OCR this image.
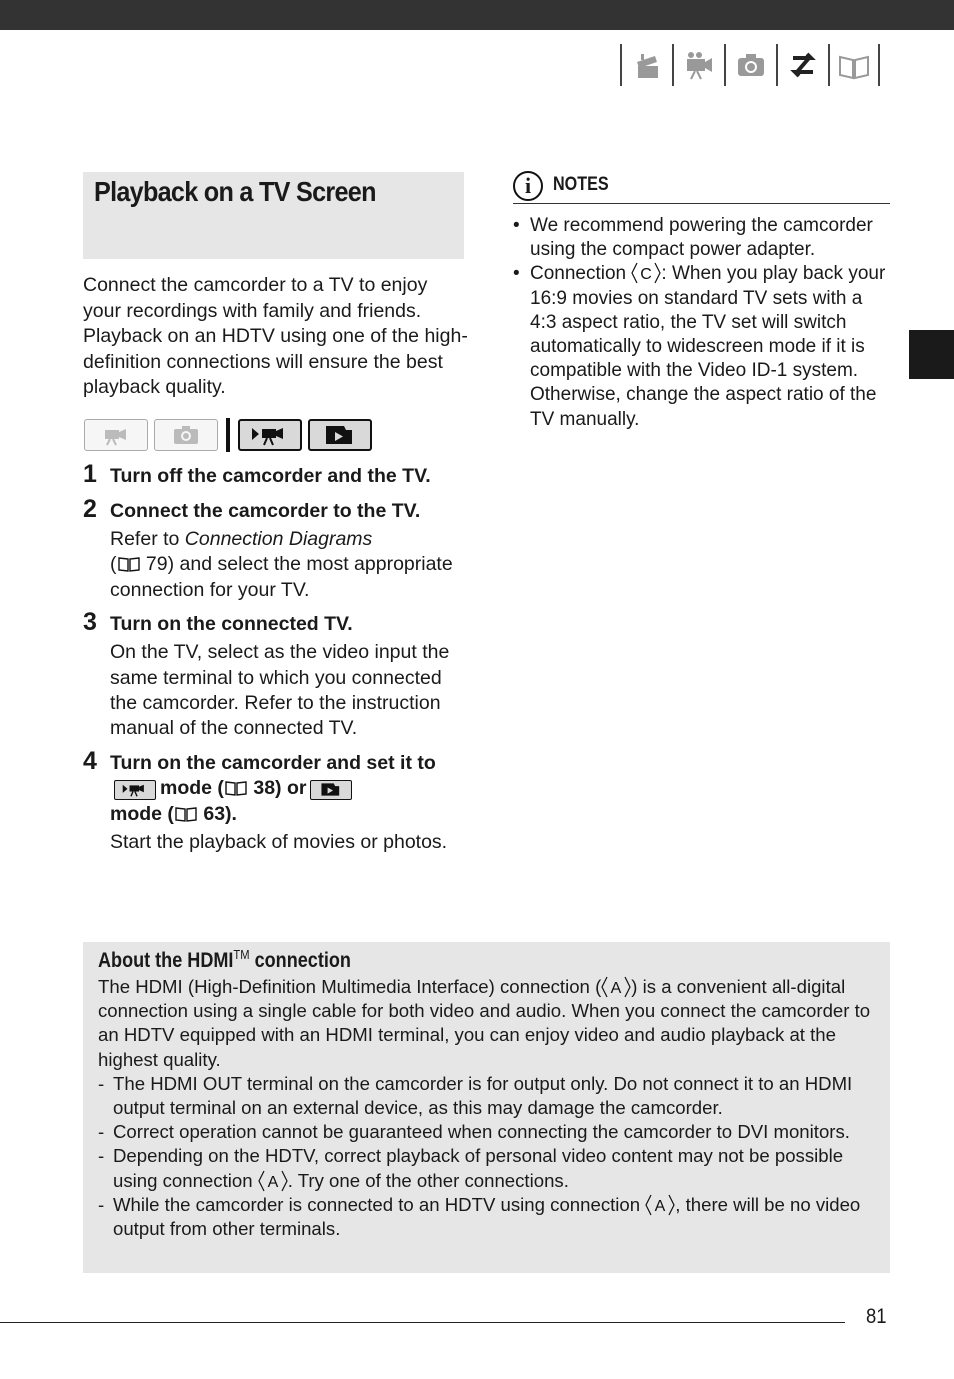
Playback on a TV Screen

Connect the camcorder to a TV to enjoy your recordings with family and friends. Playback on an HDTV using one of the high-definition connections will ensure the best playback quality.

1 Turn off the camcorder and the TV.
2 Connect the camcorder to the TV.
Refer to Connection Diagrams
( 79) and select the most appropriate connection for your TV.
3 Turn on the connected TV.
On the TV, select as the video input the same terminal to which you connected the camcorder. Refer to the instruction manual of the connected TV.
4 Turn on the camcorder and set it to
mode ( 38) or

mode ( 63).
Start the playback of movies or photos.
i	NOTES
• We recommend powering the camcorder using the compact power adapter.
• Connection C : When you play back your 16:9 movies on standard TV sets with a 4:3 aspect ratio, the TV set will switch automatically to widescreen mode if it is compatible with the Video ID-1 system. Otherwise, change the aspect ratio of the TV manually.
About the HDMI™ connection

The HDMI (High-Definition Multimedia Interface) connection ( A ) is a convenient all-digital connection using a single cable for both video and audio. When you connect the camcorder to an HDTV equipped with an HDMI terminal, you can enjoy video and audio playback at the highest quality.

- The HDMI OUT terminal on the camcorder is for output only. Do not connect it to an HDMI output terminal on an external device, as this may damage the camcorder.
- Correct operation cannot be guaranteed when connecting the camcorder to DVI monitors.
- Depending on the HDTV, correct playback of personal video content may not be possible using connection A . Try one of the other connections.
- While the camcorder is connected to an HDTV using connection A , there will be no video output from other terminals.
81
